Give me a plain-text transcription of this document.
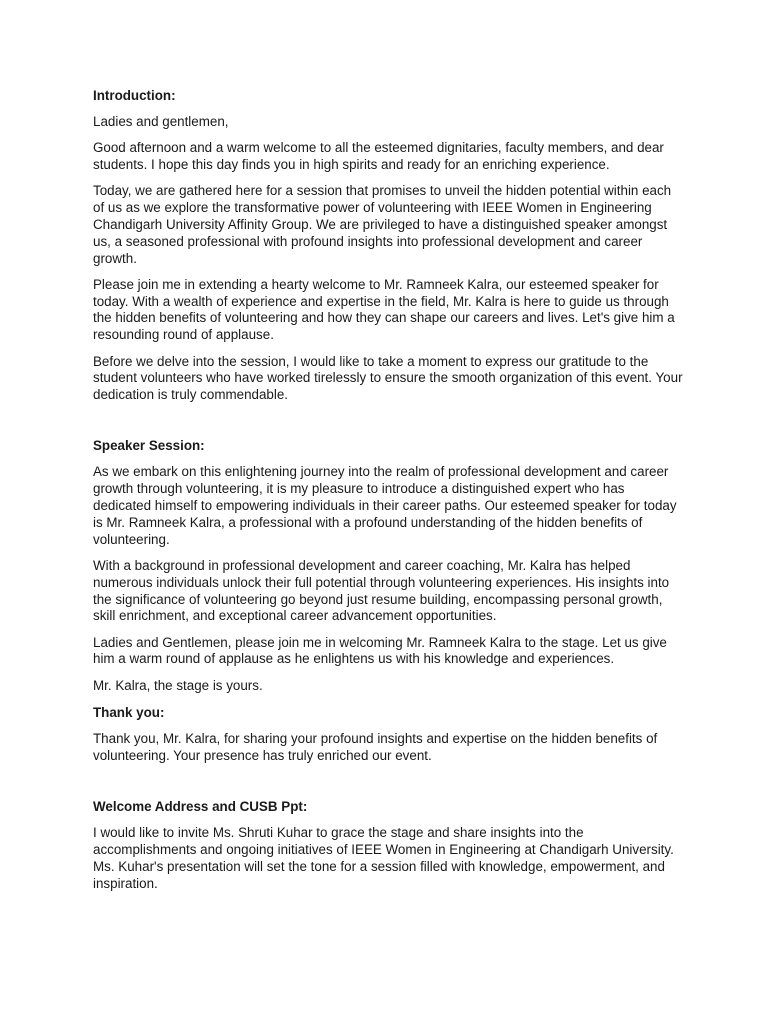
Introduction:

Ladies and gentlemen,

Good afternoon and a warm welcome to all the esteemed dignitaries, faculty members, and dear students. I hope this day finds you in high spirits and ready for an enriching experience.

Today, we are gathered here for a session that promises to unveil the hidden potential within each of us as we explore the transformative power of volunteering with IEEE Women in Engineering Chandigarh University Affinity Group. We are privileged to have a distinguished speaker amongst us, a seasoned professional with profound insights into professional development and career growth.

Please join me in extending a hearty welcome to Mr. Ramneek Kalra, our esteemed speaker for today. With a wealth of experience and expertise in the field, Mr. Kalra is here to guide us through the hidden benefits of volunteering and how they can shape our careers and lives. Let's give him a resounding round of applause.

Before we delve into the session, I would like to take a moment to express our gratitude to the student volunteers who have worked tirelessly to ensure the smooth organization of this event. Your dedication is truly commendable.

Speaker Session:

As we embark on this enlightening journey into the realm of professional development and career growth through volunteering, it is my pleasure to introduce a distinguished expert who has dedicated himself to empowering individuals in their career paths. Our esteemed speaker for today is Mr. Ramneek Kalra, a professional with a profound understanding of the hidden benefits of volunteering.

With a background in professional development and career coaching, Mr. Kalra has helped numerous individuals unlock their full potential through volunteering experiences. His insights into the significance of volunteering go beyond just resume building, encompassing personal growth, skill enrichment, and exceptional career advancement opportunities.

Ladies and Gentlemen, please join me in welcoming Mr. Ramneek Kalra to the stage. Let us give him a warm round of applause as he enlightens us with his knowledge and experiences.

Mr. Kalra, the stage is yours.

Thank you:

Thank you, Mr. Kalra, for sharing your profound insights and expertise on the hidden benefits of volunteering. Your presence has truly enriched our event.

Welcome Address and CUSB Ppt:

I would like to invite Ms. Shruti Kuhar to grace the stage and share insights into the accomplishments and ongoing initiatives of IEEE Women in Engineering at Chandigarh University. Ms. Kuhar's presentation will set the tone for a session filled with knowledge, empowerment, and inspiration.
